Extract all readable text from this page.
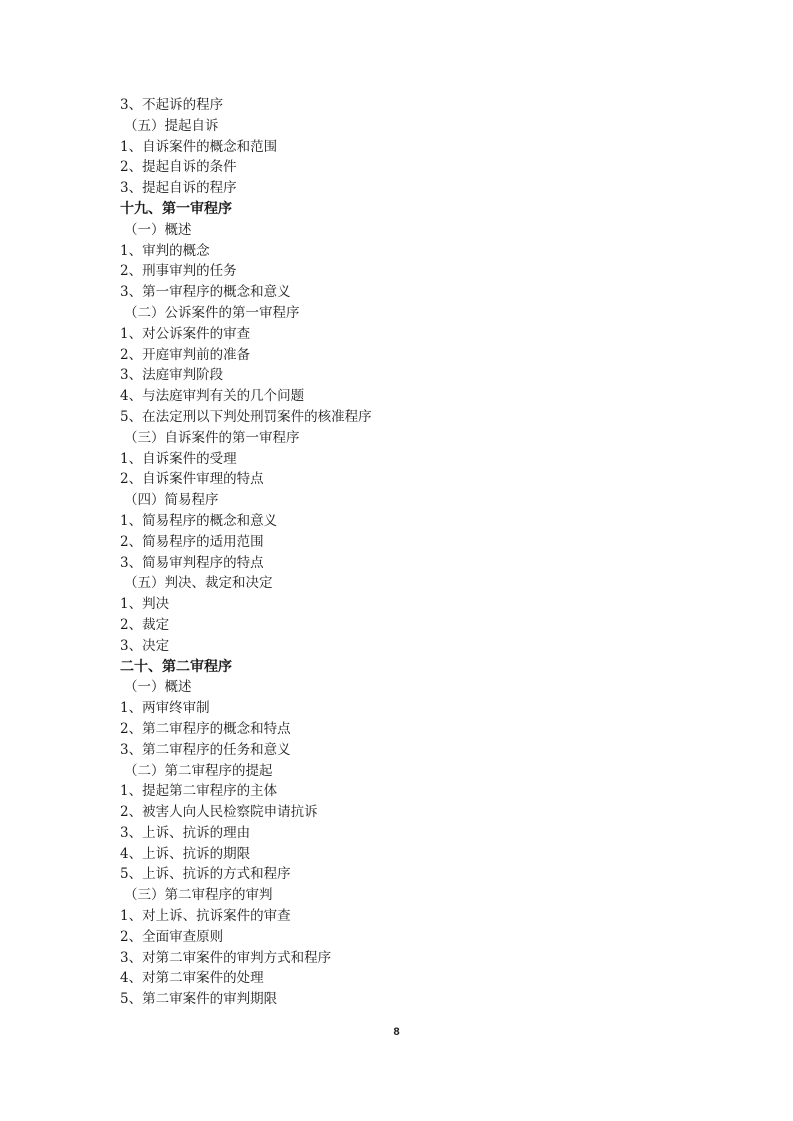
3、不起诉的程序
（五）提起自诉
1、自诉案件的概念和范围
2、提起自诉的条件
3、提起自诉的程序
十九、第一审程序
（一）概述
1、审判的概念
2、刑事审判的任务
3、第一审程序的概念和意义
（二）公诉案件的第一审程序
1、对公诉案件的审查
2、开庭审判前的准备
3、法庭审判阶段
4、与法庭审判有关的几个问题
5、在法定刑以下判处刑罚案件的核准程序
（三）自诉案件的第一审程序
1、自诉案件的受理
2、自诉案件审理的特点
（四）简易程序
1、简易程序的概念和意义
2、简易程序的适用范围
3、简易审判程序的特点
（五）判决、裁定和决定
1、判决
2、裁定
3、决定
二十、第二审程序
（一）概述
1、两审终审制
2、第二审程序的概念和特点
3、第二审程序的任务和意义
（二）第二审程序的提起
1、提起第二审程序的主体
2、被害人向人民检察院申请抗诉
3、上诉、抗诉的理由
4、上诉、抗诉的期限
5、上诉、抗诉的方式和程序
（三）第二审程序的审判
1、对上诉、抗诉案件的审查
2、全面审查原则
3、对第二审案件的审判方式和程序
4、对第二审案件的处理
5、第二审案件的审判期限
8
